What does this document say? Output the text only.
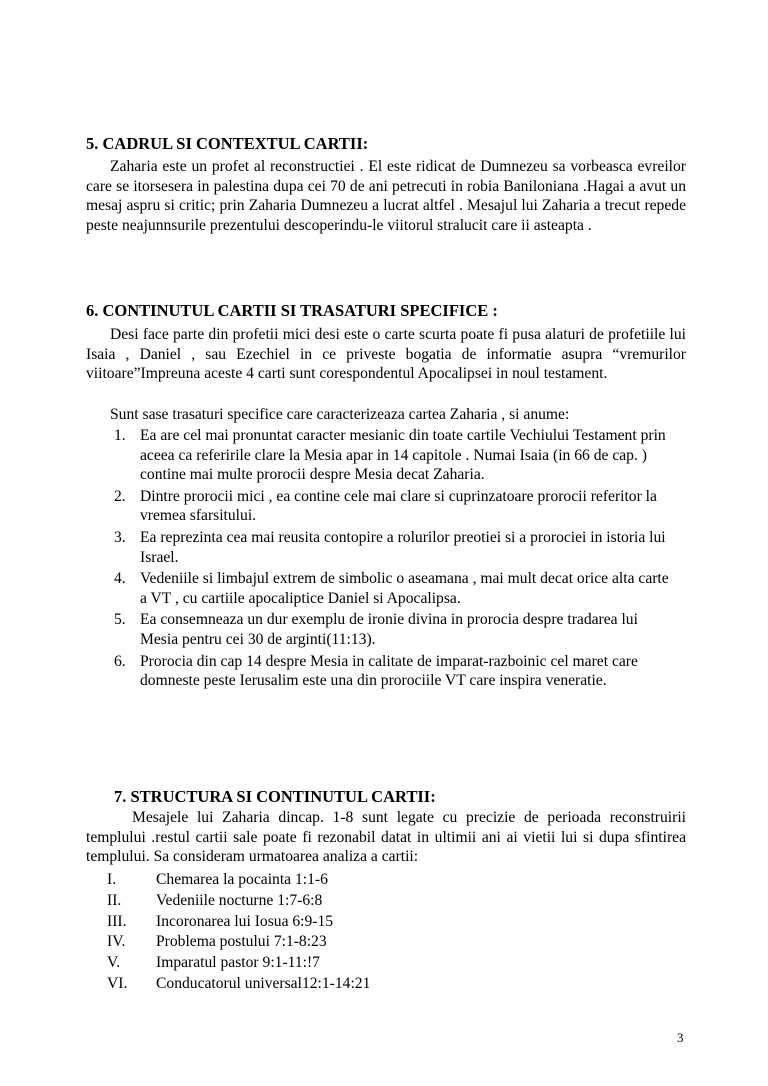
5. CADRUL SI CONTEXTUL CARTII:

Zaharia este un profet al reconstructiei . El este ridicat de Dumnezeu sa vorbeasca evreilor care se itorsesera in palestina dupa cei 70 de ani petrecuti in robia Baniloniana .Hagai a avut un mesaj aspru si critic; prin Zaharia Dumnezeu a lucrat altfel . Mesajul lui Zaharia a trecut repede peste neajunnsurile prezentului descoperindu-le viitorul stralucit care ii asteapta .

6. CONTINUTUL CARTII SI TRASATURI SPECIFICE :

Desi face parte din profetii mici desi este o carte scurta poate fi pusa alaturi de profetiile lui Isaia , Daniel , sau Ezechiel in ce priveste bogatia de informatie asupra “vremurilor viitoare”Impreuna aceste 4 carti sunt corespondentul Apocalipsei in noul testament.

Sunt sase trasaturi specifice care caracterizeaza cartea Zaharia , si anume:

1. Ea are cel mai pronuntat caracter mesianic din toate cartile Vechiului Testament prin aceea ca referirile clare la Mesia apar in 14 capitole . Numai Isaia (in 66 de cap. ) contine mai multe prorocii despre Mesia decat Zaharia.
2. Dintre prorocii mici , ea contine cele mai clare si cuprinzatoare prorocii referitor la vremea sfarsitului.
3. Ea reprezinta cea mai reusita contopire a rolurilor preotiei si a prorociei in istoria lui Israel.
4. Vedeniile si limbajul extrem de simbolic o aseamana , mai mult decat orice alta carte a VT , cu cartiile apocaliptice Daniel si Apocalipsa.
5. Ea consemneaza un dur exemplu de ironie divina in prorocia despre tradarea lui Mesia pentru cei 30 de arginti(11:13).
6. Prorocia din cap 14 despre Mesia in calitate de imparat-razboinic cel maret care domneste peste Ierusalim este una din prorociile VT care inspira veneratie.
7. STRUCTURA SI CONTINUTUL CARTII:

Mesajele lui Zaharia dincap. 1-8 sunt legate cu precizie de perioada reconstruirii templului .restul cartii sale poate fi rezonabil datat in ultimii ani ai vietii lui si dupa sfintirea templului. Sa consideram urmatoarea analiza a cartii:

I.	Chemarea la pocainta 1:1-6
II. Vedeniile nocturne 1:7-6:8
III. Incoronarea lui Iosua 6:9-15
IV. Problema postului 7:1-8:23
V. Imparatul pastor 9:1-11:!7
VI. Conducatorul universal12:1-14:21
3
